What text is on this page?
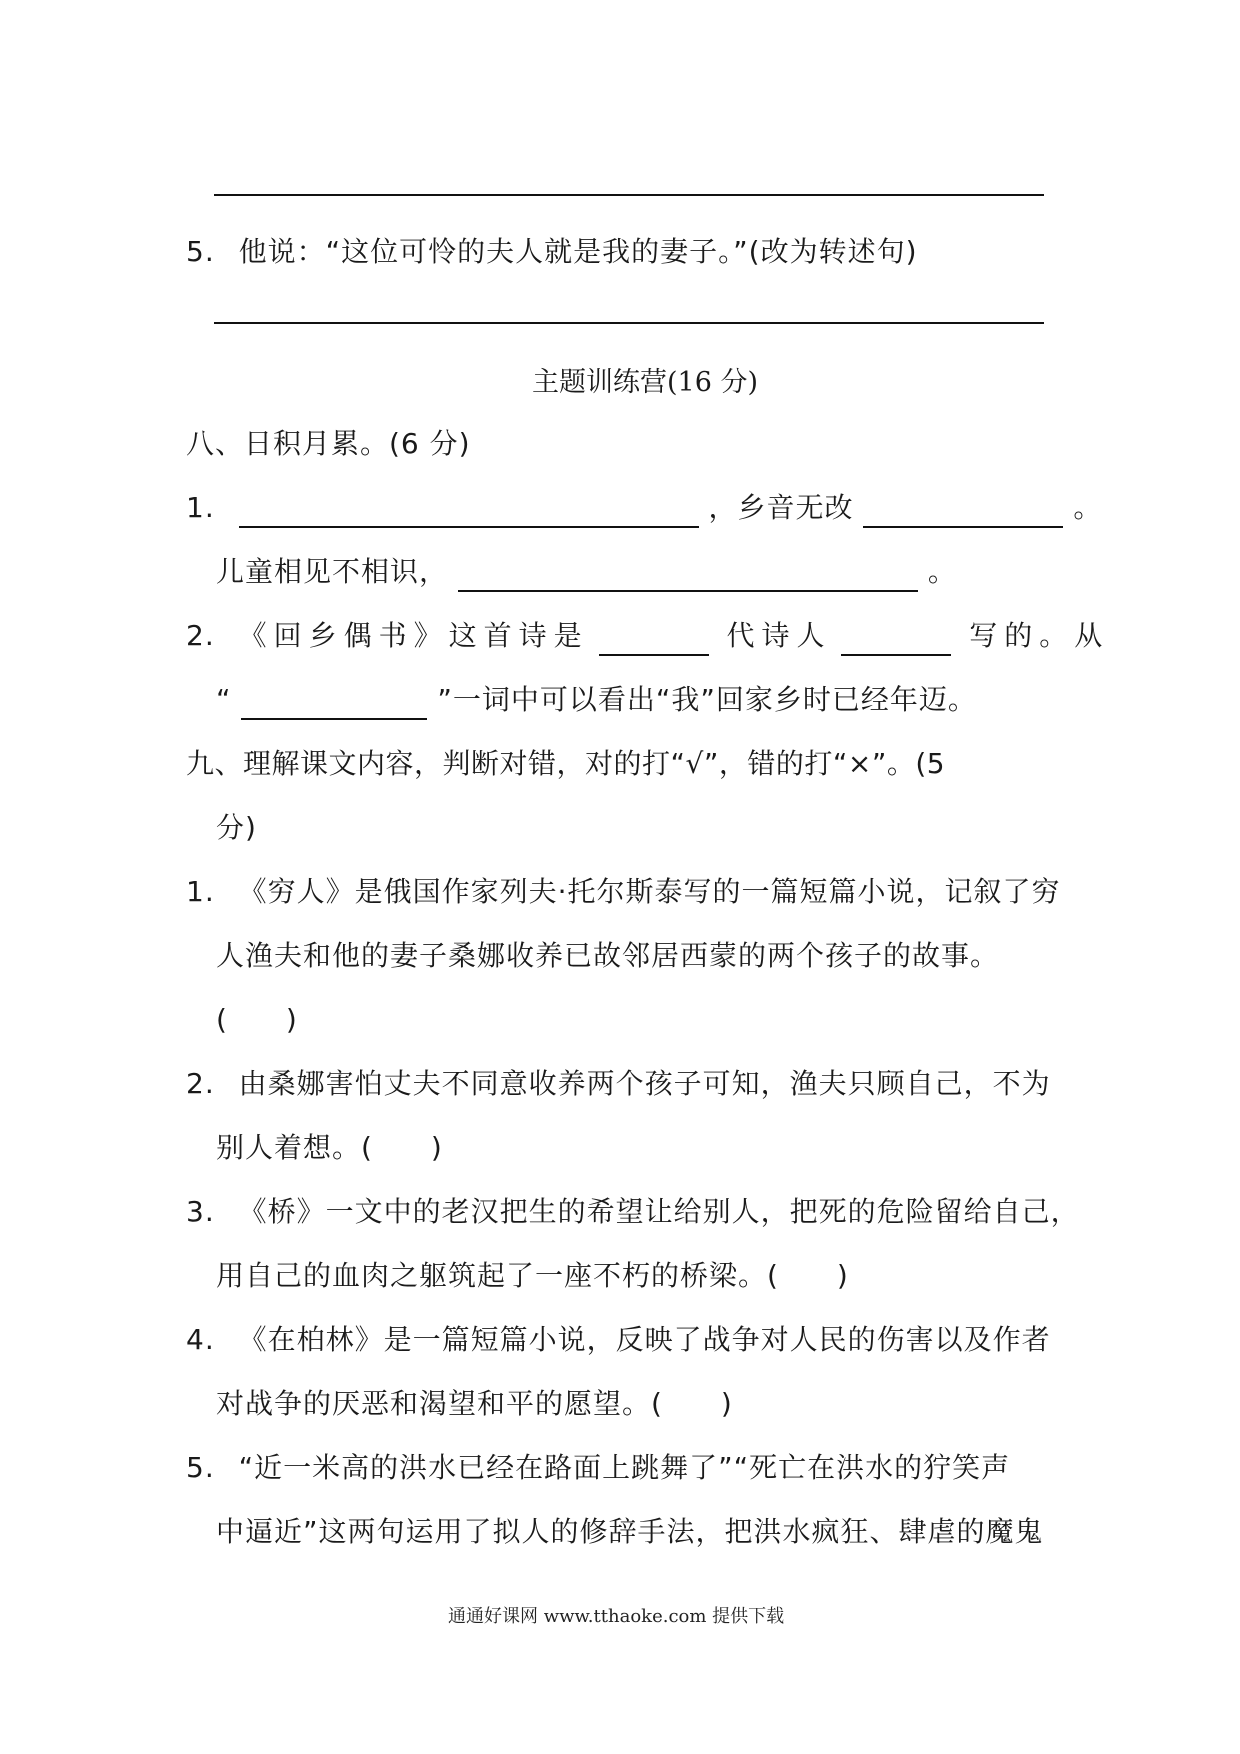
5. 他说：“这位可怜的夫人就是我的妻子。”(改为转述句)
主题训练营(16 分)
八、日积月累。(6 分)
1.	，乡音无改	。
儿童相见不相识，	。
2. 《回乡偶书》这首诗是	代诗人	写的。从
“	”一词中可以看出“我”回家乡时已经年迈。
九、理解课文内容，判断对错，对的打“√”，错的打“×”。(5
分)
1. 《穷人》是俄国作家列夫·托尔斯泰写的一篇短篇小说，记叙了穷
人渔夫和他的妻子桑娜收养已故邻居西蒙的两个孩子的故事。
(　　)
2. 由桑娜害怕丈夫不同意收养两个孩子可知，渔夫只顾自己，不为
别人着想。(　　)
3. 《桥》一文中的老汉把生的希望让给别人，把死的危险留给自己，
用自己的血肉之躯筑起了一座不朽的桥梁。(　　)
4. 《在柏林》是一篇短篇小说，反映了战争对人民的伤害以及作者
对战争的厌恶和渴望和平的愿望。(　　)
5. “近一米高的洪水已经在路面上跳舞了”“死亡在洪水的狞笑声
中逼近”这两句运用了拟人的修辞手法，把洪水疯狂、肆虐的魔鬼
通通好课网 www.tthaoke.com 提供下载
